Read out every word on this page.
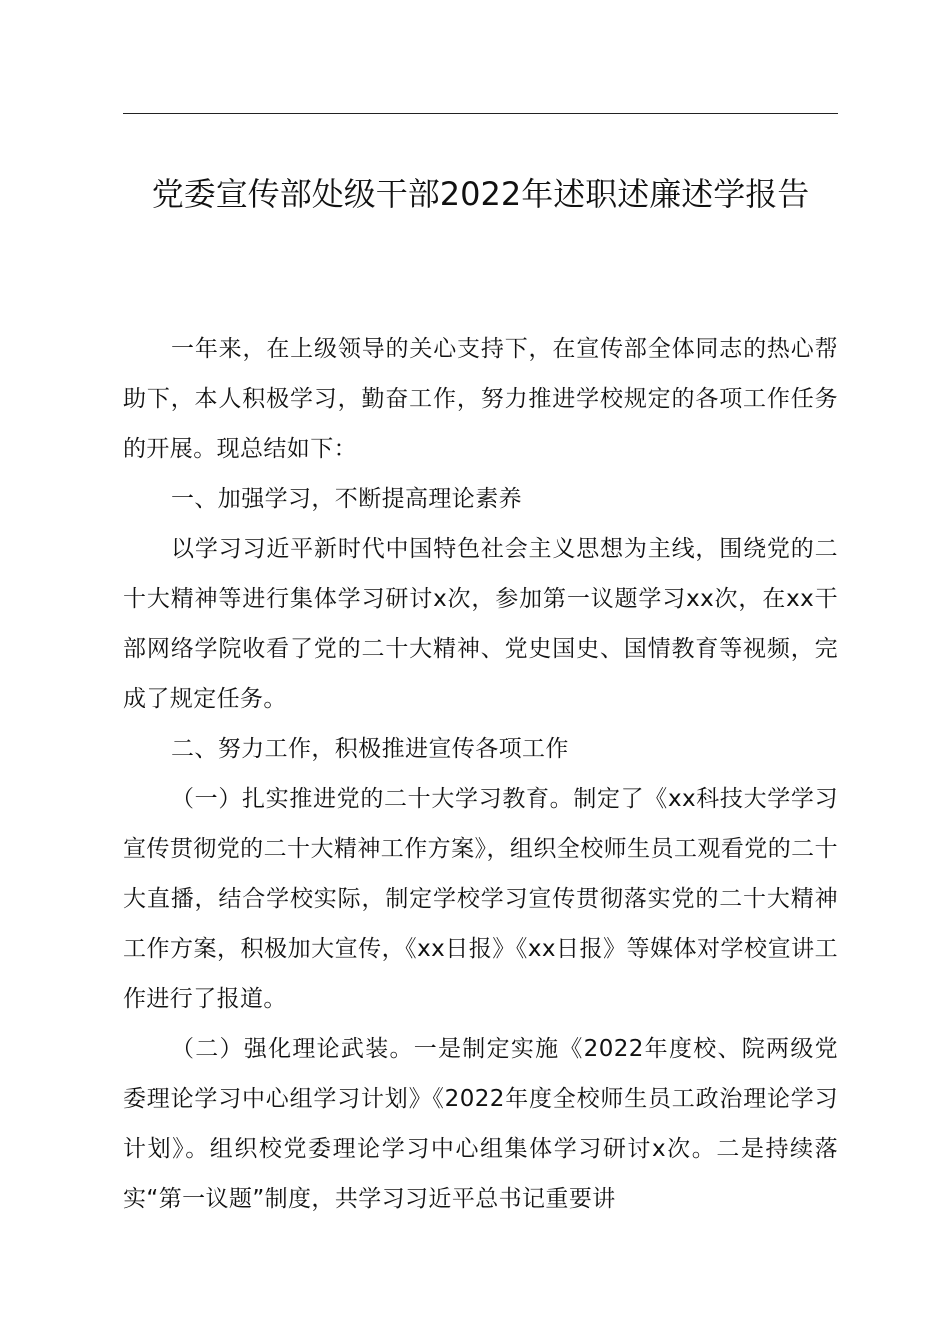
党委宣传部处级干部2022年述职述廉述学报告

一年来，在上级领导的关心支持下，在宣传部全体同志的热心帮助下，本人积极学习，勤奋工作，努力推进学校规定的各项工作任务的开展。现总结如下：

一、加强学习，不断提高理论素养

以学习习近平新时代中国特色社会主义思想为主线，围绕党的二十大精神等进行集体学习研讨x次，参加第一议题学习xx次，在xx干部网络学院收看了党的二十大精神、党史国史、国情教育等视频，完成了规定任务。

二、努力工作，积极推进宣传各项工作

（一）扎实推进党的二十大学习教育。制定了《xx科技大学学习宣传贯彻党的二十大精神工作方案》，组织全校师生员工观看党的二十大直播，结合学校实际，制定学校学习宣传贯彻落实党的二十大精神工作方案，积极加大宣传，《xx日报》《xx日报》等媒体对学校宣讲工作进行了报道。

（二）强化理论武装。一是制定实施《2022年度校、院两级党委理论学习中心组学习计划》《2022年度全校师生员工政治理论学习计划》。组织校党委理论学习中心组集体学习研讨x次。二是持续落实“第一议题”制度，共学习习近平总书记重要讲
